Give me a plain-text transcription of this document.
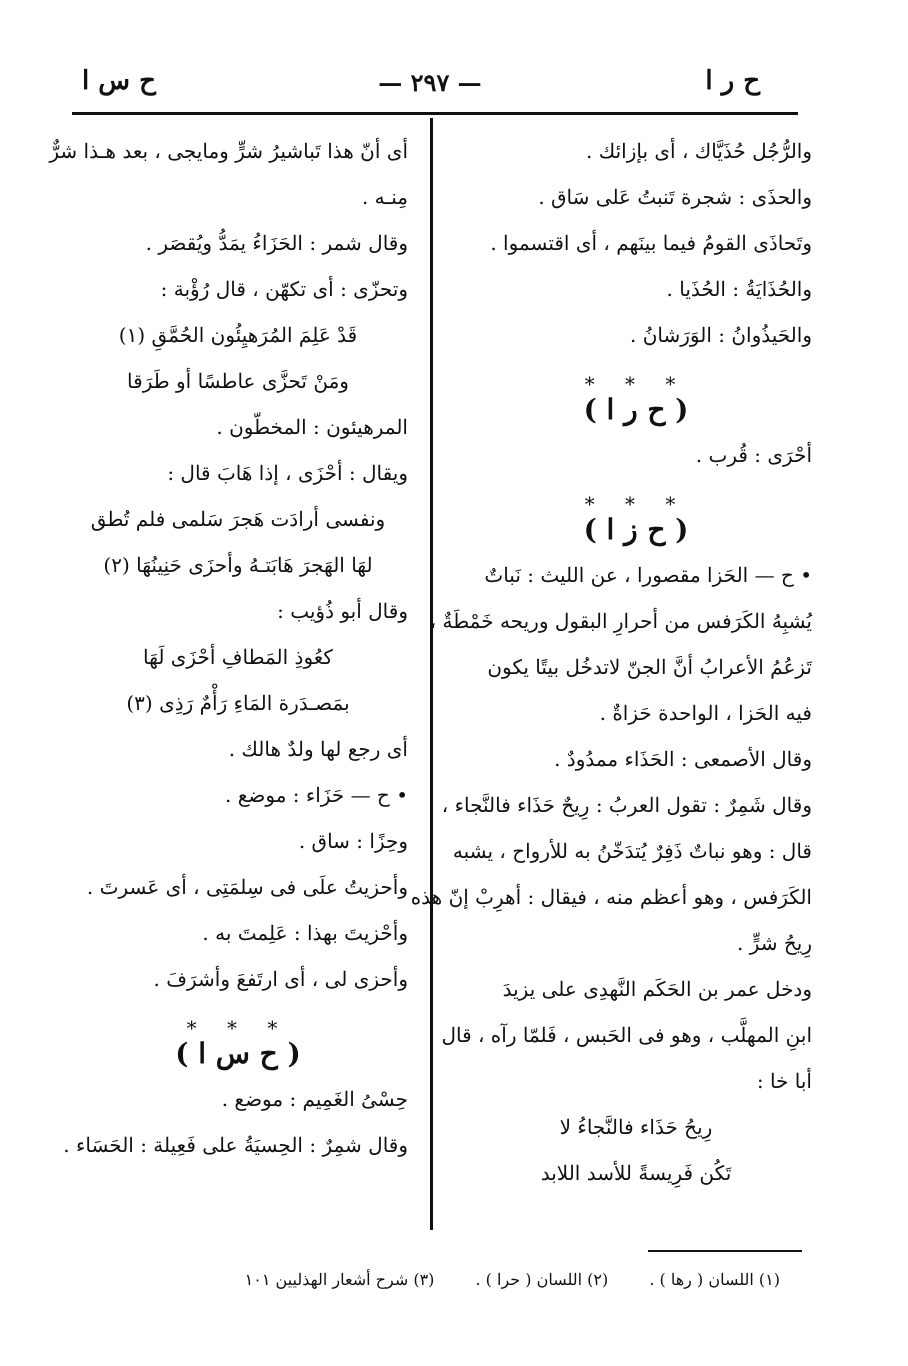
ح ر ا
— ٢٩٧ —
ح س ا
والرُّجُل حُذَيَّاك ، أى بإزائك .
والحذَى : شجرة تَنبتُ عَلى سَاق .
وتَحاذَى القومُ فيما بينَهم ، أى اقتسموا .
والحُذَايَةُ : الحُذَيا .
والحَيذُوانُ : الوَرَشانُ .
* * *
( ح ر ا )
أحْرَى : قُرب .
* * *
( ح ز ا )
• ح — الحَزا مقصورا ، عن الليث : نَباتٌ
يُشبِهُ الكَرَفس من أحرارِ البقول وريحه خَمْطَةٌ ،
تَزعُمُ الأعرابُ أنَّ الجنّ لاتدخُل بيتًا يكون
فيه الحَزا ، الواحدة حَزاةٌ .
وقال الأصمعى : الحَذَاء ممدُودٌ .
وقال شَمِرٌ : تقول العربُ : رِيحٌ حَذَاء فالنَّجاء ،
قال : وهو نباتٌ ذَفِرٌ يُتدَخّنُ به للأرواح ، يشبه
الكَرَفس ، وهو أعظم منه ، فيقال : أهرِبْ إنّ هذه
رِيحُ شرٍّ .
ودخل عمر بن الحَكَم النَّهدِى على يزيدَ
ابنِ المهلَّب ، وهو فى الحَبس ، فَلمّا رآه ، قال
أبا خا :
رِيحُ حَذَاء فالنَّجاءُ لا
تَكُن فَرِيسةً للأسد اللابد
أى أنّ هذا تَباشيرُ شرٍّ ومايجى ، بعد هـذا شرٌّ
مِنـه .
وقال شمر : الحَزَاءُ يمَدُّ ويُقصَر .
وتحزّى : أى تكهّن ، قال رُؤْبة :
قَدْ عَلِمَ المُرَهيِئُون الحُمَّقِ (١)
ومَنْ تَحزَّى عاطسًا أو طَرَقا
المرهيئون : المخطّون .
ويقال : أحْزَى ، إذا هَابَ قال :
ونفسى أرادَت هَجرَ سَلمى فلم تُطق
لهَا الهَجرَ هَابَتـهُ وأحزَى حَنِينُهَا (٢)
وقال أبو ذُؤيب :
كعُوذِ المَطافِ أحْزَى لَهَا
بمَصـدَرة المَاءِ رَأْمٌ رَذِى (٣)
أى رجع لها ولدٌ هالك .
• ح — حَزَاء : موضع .
وحِزًا : ساق .
وأحزيتُ علَى فى سِلمَتِى ، أى عَسرتَ .
وأحْزيتَ بهذا : عَلِمتَ به .
وأحزى لى ، أى ارتَفعَ وأشرَفَ .
* * *
( ح س ا )
حِسْىُ الغَمِيم : موضع .
وقال شمِرٌ : الحِسيَةُ على فَعِيلة : الحَسَاء .
(١) اللسان ( رها ) . (٢) اللسان ( حرا ) . (٣) شرح أشعار الهذليين ١٠١
